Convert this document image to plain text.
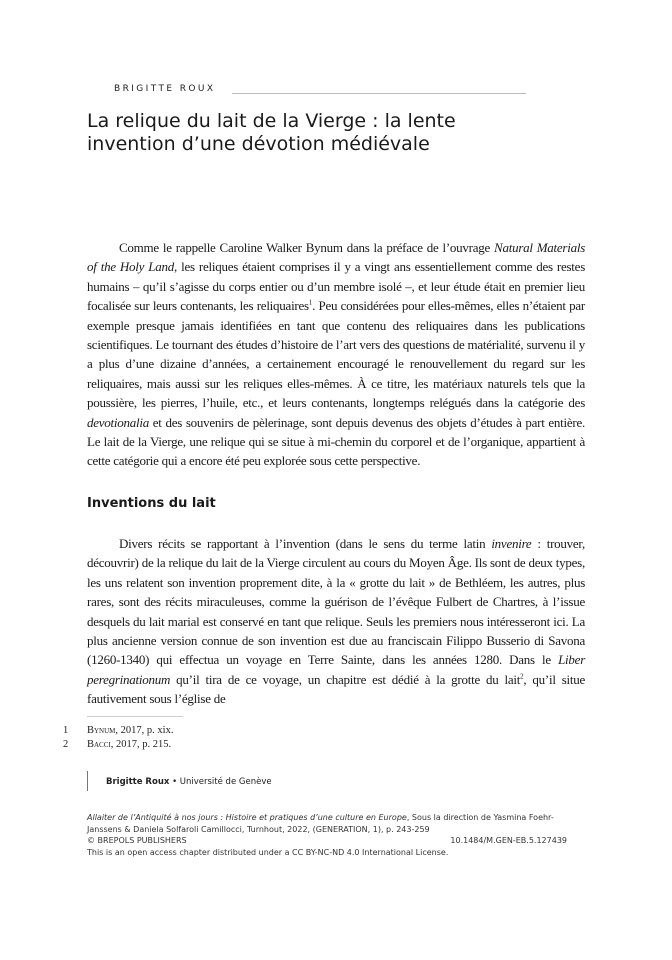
BRIGITTE ROUX
La relique du lait de la Vierge : la lente
invention d’une dévotion médiévale

Comme le rappelle Caroline Walker Bynum dans la préface de l’ouvrage Natural Materials of the Holy Land, les reliques étaient comprises il y a vingt ans essentiellement comme des restes humains – qu’il s’agisse du corps entier ou d’un membre isolé –, et leur étude était en premier lieu focalisée sur leurs contenants, les reliquaires$^1$. Peu considérées pour elles-mêmes, elles n’étaient par exemple presque jamais identifiées en tant que contenu des reliquaires dans les publications scientifiques. Le tournant des études d’histoire de l’art vers des questions de matérialité, survenu il y a plus d’une dizaine d’années, a certainement encouragé le renouvellement du regard sur les reliquaires, mais aussi sur les reliques elles-mêmes. À ce titre, les matériaux naturels tels que la poussière, les pierres, l’huile, etc., et leurs contenants, longtemps relégués dans la catégorie des devotionalia et des souvenirs de pèlerinage, sont depuis devenus des objets d’études à part entière. Le lait de la Vierge, une relique qui se situe à mi-chemin du corporel et de l’organique, appartient à cette catégorie qui a encore été peu explorée sous cette perspective.

Inventions du lait

Divers récits se rapportant à l’invention (dans le sens du terme latin invenire : trouver, découvrir) de la relique du lait de la Vierge circulent au cours du Moyen Âge. Ils sont de deux types, les uns relatent son invention proprement dite, à la « grotte du lait » de Bethléem, les autres, plus rares, sont des récits miraculeuses, comme la guérison de l’évêque Fulbert de Chartres, à l’issue desquels du lait marial est conservé en tant que relique. Seuls les premiers nous intéresseront ici. La plus ancienne version connue de son invention est due au franciscain Filippo Busserio di Savona (1260-1340) qui effectua un voyage en Terre Sainte, dans les années 1280. Dans le Liber peregrinationum qu’il tira de ce voyage, un chapitre est dédié à la grotte du lait$^2$, qu’il situe fautivement sous l’église de

1	Bynum, 2017, p. xix.
2	Bacci, 2017, p. 215.
Brigitte Roux • Université de Genève
Allaiter de l’Antiquité à nos jours : Histoire et pratiques d’une culture en Europe, Sous la direction de Yasmina Foehr-
Janssens & Daniela Solfaroli Camillocci, Turnhout, 2022, (GENERATION, 1), p. 243-259
© BREPOLS PUBLISHERS	10.1484/M.GEN-EB.5.127439
This is an open access chapter distributed under a CC BY-NC-ND 4.0 International License.
